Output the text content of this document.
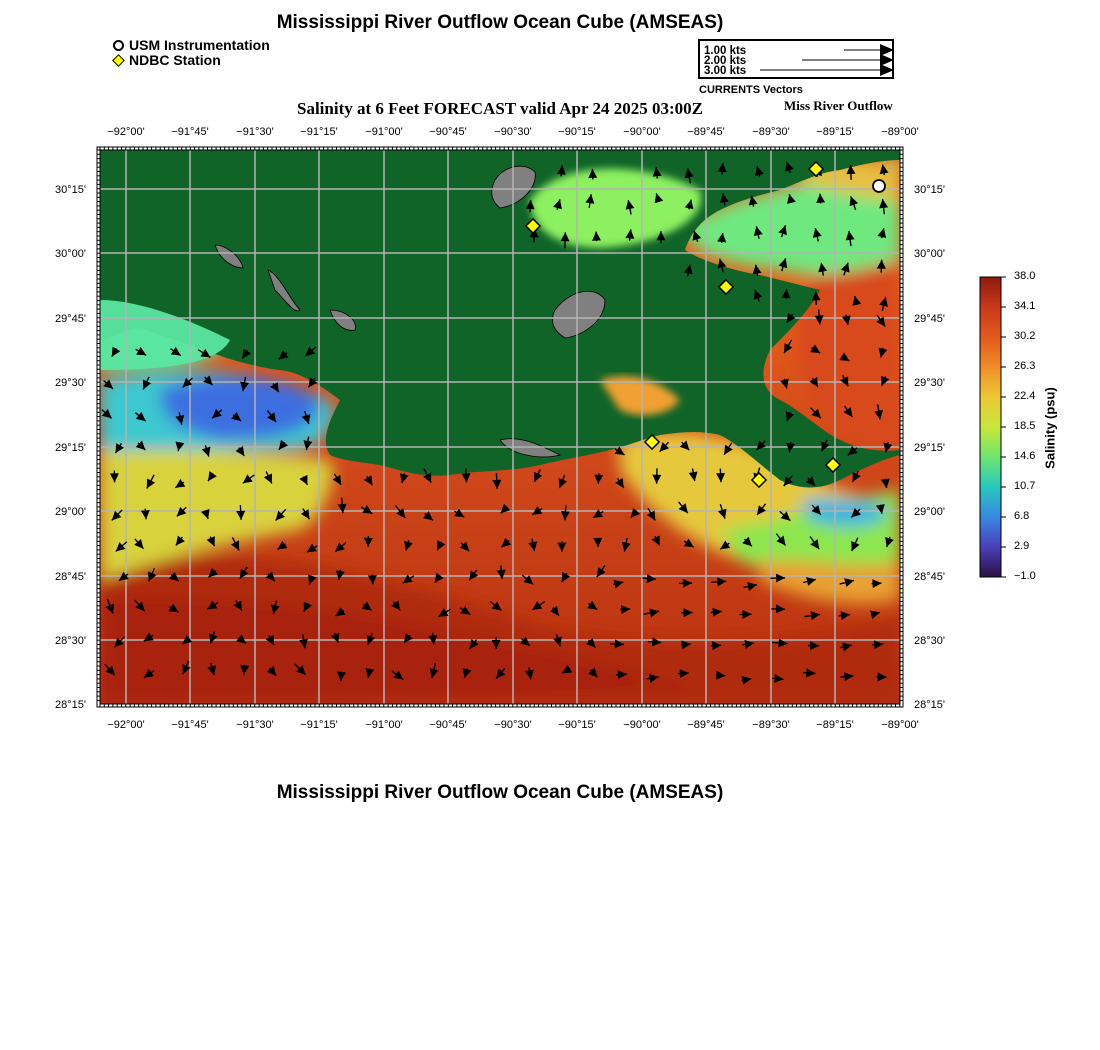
Mississippi River Outflow Ocean Cube (AMSEAS)
USM Instrumentation
NDBC Station
1.00 kts
2.00 kts
3.00 kts
CURRENTS Vectors
Salinity at 6 Feet FORECAST valid Apr 24 2025 03:00Z	Miss River Outflow
−92°00' −91°45'	−91°30' −91°15'	−91°00' −90°45'	−90°30' −90°15'	−90°00' −89°45'	−89°30' −89°15'	−89°00'
−92°00' −91°45'	−91°30' −91°15'	−91°00' −90°45'	−90°30' −90°15'	−90°00' −89°45'	−89°30' −89°15'	−89°00'
30°15'
30°00'
29°45'
29°30'
29°15'
29°00'
28°45'
28°30'
28°15'
30°15'
30°00'
29°45'
29°30'
29°15'
29°00'
28°45'
28°30'
28°15'
38.0
34.1
30.2
26.3
22.4
18.5
14.6
10.7
6.8
2.9
−1.0
Salinity (psu)
Mississippi River Outflow Ocean Cube (AMSEAS)
